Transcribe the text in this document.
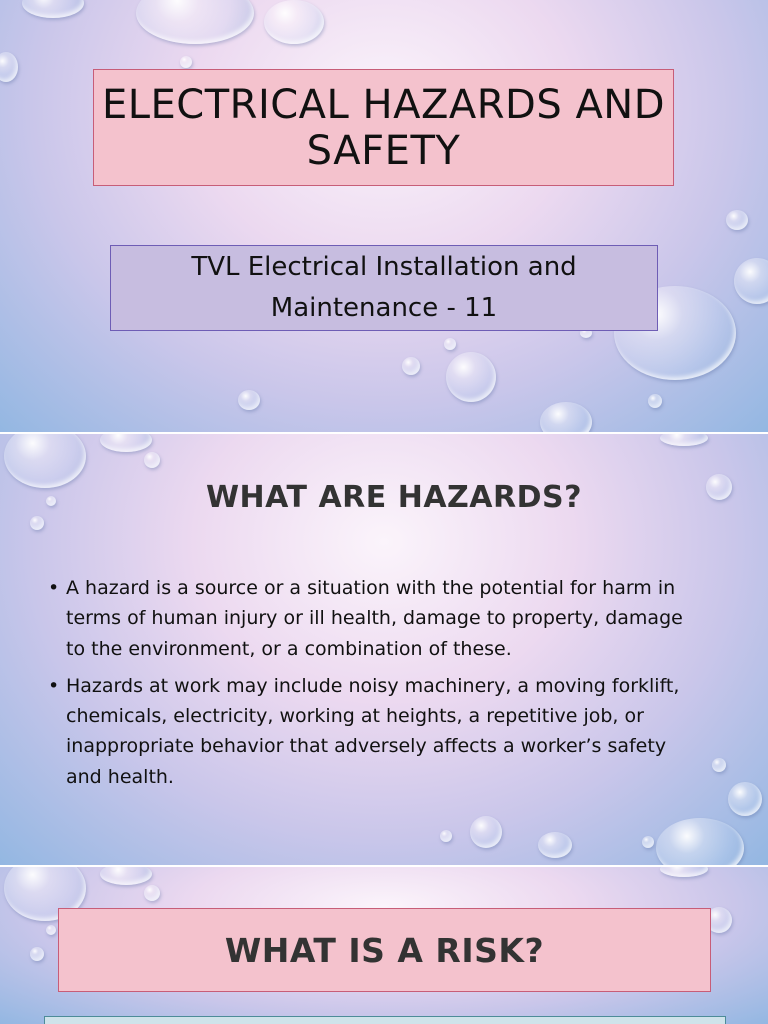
ELECTRICAL HAZARDS AND SAFETY
TVL Electrical Installation and Maintenance - 11
WHAT ARE HAZARDS?
• A hazard is a source or a situation with the potential for harm in terms of human injury or ill health, damage to property, damage to the environment, or a combination of these.
• Hazards at work may include noisy machinery, a moving forklift, chemicals, electricity, working at heights, a repetitive job, or inappropriate behavior that adversely affects a worker’s safety and health.
WHAT IS A RISK?
